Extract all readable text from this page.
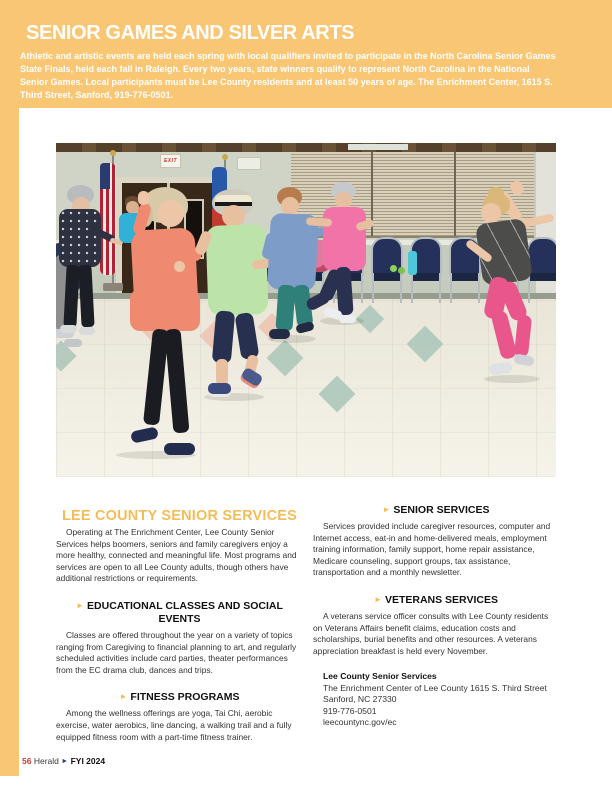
SENIOR GAMES AND SILVER ARTS
Athletic and artistic events are held each spring with local qualifiers invited to participate in the North Carolina Senior Games State Finals, held each fall in Raleigh. Every two years, state winners qualify to represent North Carolina in the National Senior Games. Local participants must be Lee County residents and at least 50 years of age. The Enrichment Center, 1615 S. Third Street, Sanford, 919-776-0501.
EXIT
LEE COUNTY SENIOR SERVICES

Operating at The Enrichment Center, Lee County Senior Services helps boomers, seniors and family caregivers enjoy a more healthy, connected and meaningful life. Most programs and services are open to all Lee County adults, though others have additional restrictions or requirements.

► EDUCATIONAL CLASSES AND SOCIAL EVENTS

Classes are offered throughout the year on a variety of topics ranging from Caregiving to financial planning to art, and regularly scheduled activities include card parties, theater performances from the EC drama club, dances and trips.

► FITNESS PROGRAMS

Among the wellness offerings are yoga, Tai Chi, aerobic exercise, water aerobics, line dancing, a walking trail and a fully equipped fitness room with a part-time fitness trainer.

► SENIOR SERVICES

Services provided include caregiver resources, computer and Internet access, eat-in and home-delivered meals, employment training information, family support, home repair assistance, Medicare counseling, support groups, tax assistance, transportation and a monthly newsletter.

► VETERANS SERVICES

A veterans service officer consults with Lee County residents on Veterans Affairs benefit claims, education costs and scholarships, burial benefits and other resources. A veterans appreciation breakfast is held every November.

Lee County Senior Services
The Enrichment Center of Lee County 1615 S. Third Street
Sanford, NC 27330
919-776-0501
leecountync.gov/ec
56 Herald ► FYI 2024
